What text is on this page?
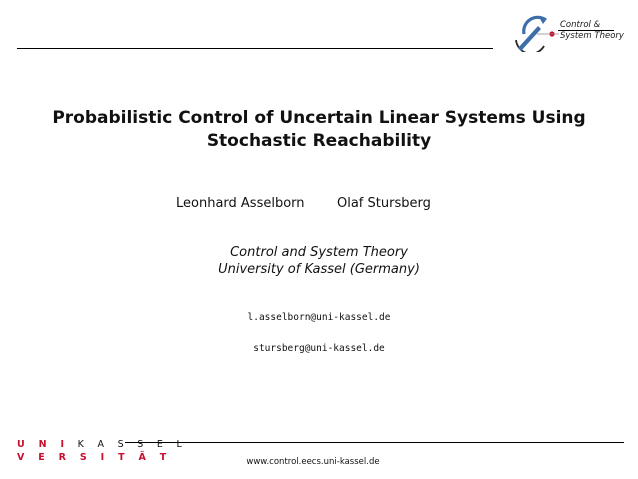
Control &
System Theory
Probabilistic Control of Uncertain Linear Systems Using
Stochastic Reachability
Leonhard Asselborn Olaf Stursberg
Control and System Theory
University of Kassel (Germany)
l.asselborn@uni-kassel.de
stursberg@uni-kassel.de
U N I K A S S E L
V E R S I T Ä T	www.control.eecs.uni-kassel.de
